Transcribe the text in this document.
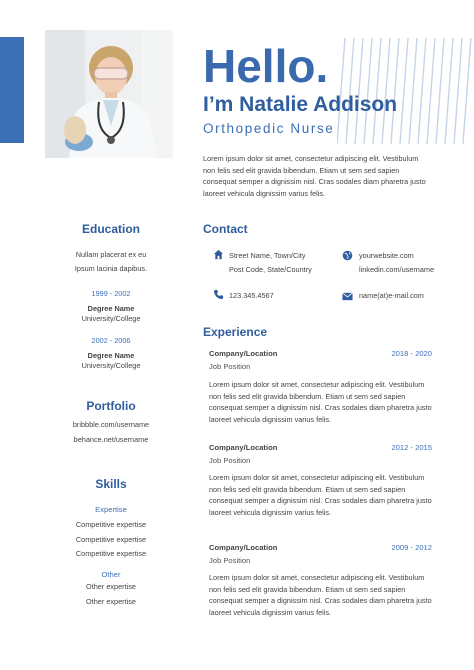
Hello.
I’m Natalie Addison
Orthopedic Nurse
Lorem ipsum dolor sit amet, consectetur adipiscing elit. Vestibulum non felis sed elit gravida bibendum. Etiam ut sem sed sapien consequat semper a dignissim nisl. Cras sodales diam pharetra justo laoreet vehicula dignissim varius felis.
Education
Nullam placerat ex eu
Ipsum lacinia dapibus.
1999 - 2002
Degree Name
University/College
2002 - 2006
Degree Name
University/College
Portfolio
bribbble.com/username
behance.net/username
Skills
Expertise
Competitive expertise
Competitive expertise
Competitive expertise
Other
Other expertise
Other expertise
Contact
Street Name, Town/City
Post Code, State/Country
123.345.4567
yourwebsite.com
linkedin.com/username
name(at)e-mail.com
Experience
Company/Location	2018 - 2020
Job Position
Lorem ipsum dolor sit amet, consectetur adipiscing elit. Vestibulum non felis sed elit gravida bibendum. Etiam ut sem sed sapien consequat semper a dignissim nisl. Cras sodales diam pharetra justo laoreet vehicula dignissim varius felis.
Company/Location	2012 - 2015
Job Position
Lorem ipsum dolor sit amet, consectetur adipiscing elit. Vestibulum non felis sed elit gravida bibendum. Etiam ut sem sed sapien consequat semper a dignissim nisl. Cras sodales diam pharetra justo laoreet vehicula dignissim varius felis.
Company/Location	2009 - 2012
Job Position
Lorem ipsum dolor sit amet, consectetur adipiscing elit. Vestibulum non felis sed elit gravida bibendum. Etiam ut sem sed sapien consequat semper a dignissim nisl. Cras sodales diam pharetra justo laoreet vehicula dignissim varius felis.
